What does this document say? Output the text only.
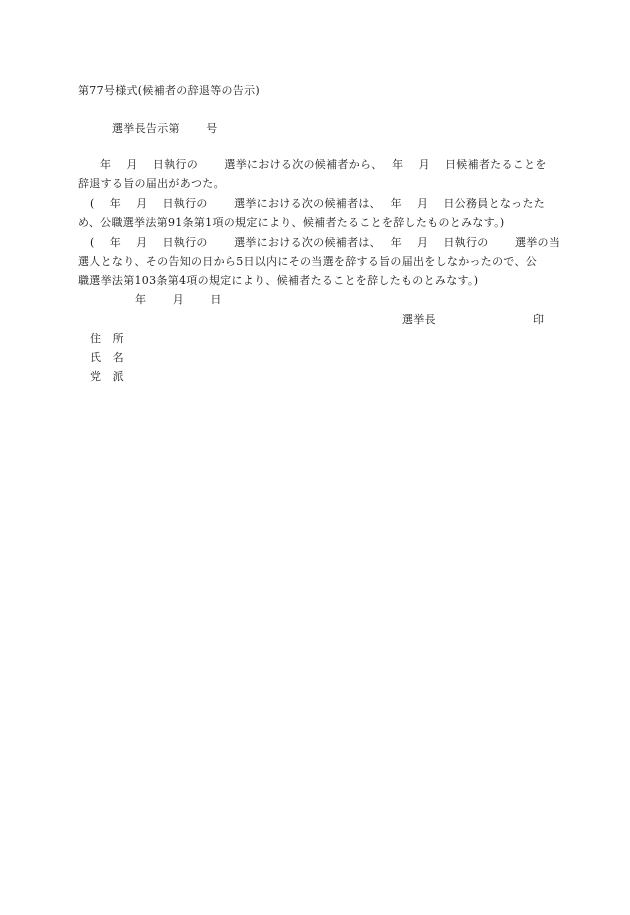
第77号様式(候補者の辞退等の告示)
選挙長告示第　　 号
年　 月　 日執行の　　 選挙における次の候補者から、　 年　 月　 日候補者たることを
辞退する旨の届出があつた。
(　 年　 月　 日執行の　　 選挙における次の候補者は、　 年　 月　 日公務員となったた
め、公職選挙法第91条第1項の規定により、候補者たることを辞したものとみなす。)
(　 年　 月　 日執行の　　 選挙における次の候補者は、　 年　 月　 日執行の　　 選挙の当
選人となり、その告知の日から5日以内にその当選を辞する旨の届出をしなかったので、公
職選挙法第103条第4項の規定により、候補者たることを辞したものとみなす。)
年　　 月　　 日
選挙長	印
住　所
氏　名
党　派
